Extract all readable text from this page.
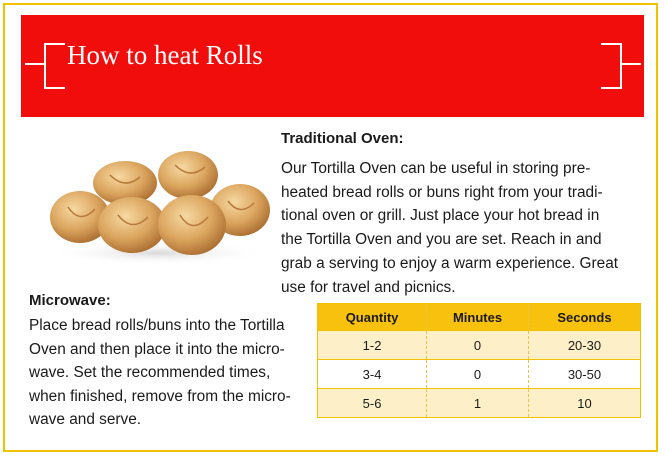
How to heat Rolls
Traditional Oven:
Our Tortilla Oven can be useful in storing pre-
heated bread rolls or buns right from your tradi-
tional oven or grill. Just place your hot bread in
the Tortilla Oven and you are set. Reach in and
grab a serving to enjoy a warm experience. Great
use for travel and picnics.
Microwave:
Place bread rolls/buns into the Tortilla
Oven and then place it into the micro-
wave. Set the recommended times,
when finished, remove from the micro-
wave and serve.
Quantity	Minutes	Seconds
1-2	0	20-30
3-4	0	30-50
5-6	1	10
